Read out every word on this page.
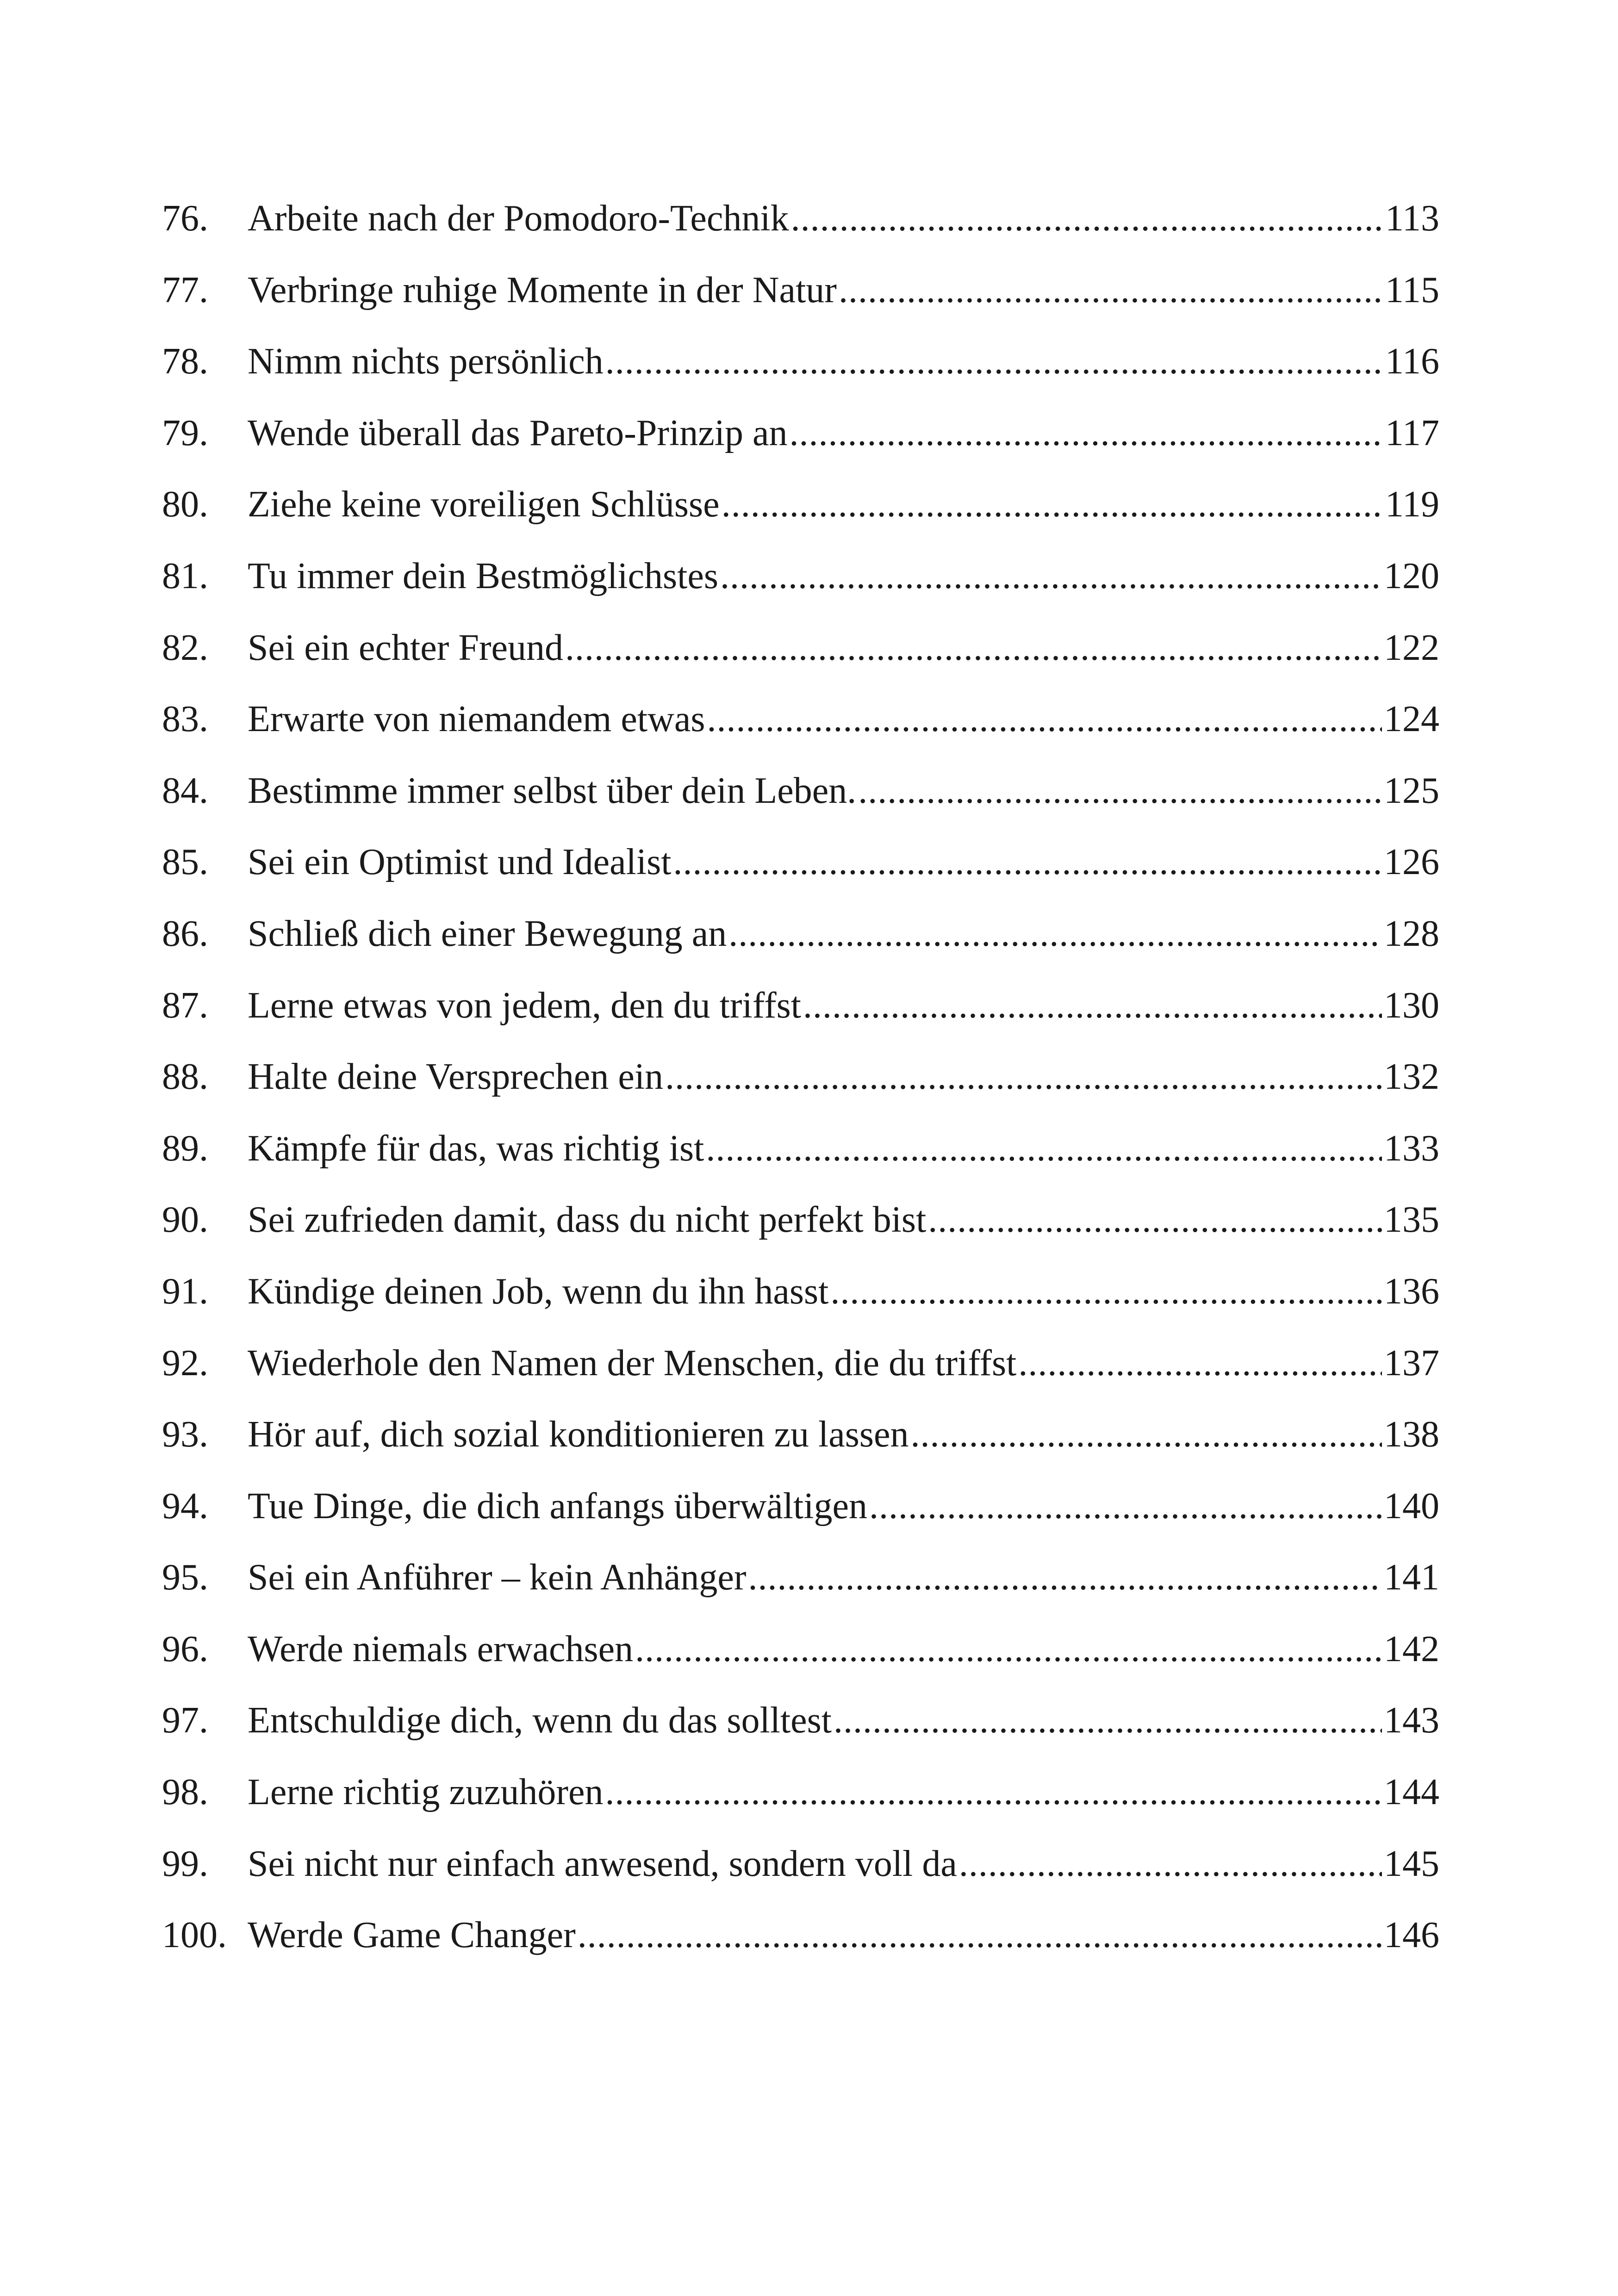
76.	Arbeite nach der Pomodoro-Technik .....	113
77.	Verbringe ruhige Momente in der Natur .....	115
78.	Nimm nichts persönlich .....	116
79.	Wende überall das Pareto-Prinzip an .....	117
80.	Ziehe keine voreiligen Schlüsse .....	119
81.	Tu immer dein Bestmöglichstes .....	120
82.	Sei ein echter Freund .....	122
83.	Erwarte von niemandem etwas .....	124
84.	Bestimme immer selbst über dein Leben. .....	125
85.	Sei ein Optimist und Idealist .....	126
86.	Schließ dich einer Bewegung an .....	128
87.	Lerne etwas von jedem, den du triffst .....	130
88.	Halte deine Versprechen ein .....	132
89.	Kämpfe für das, was richtig ist .....	133
90.	Sei zufrieden damit, dass du nicht perfekt bist .....	135
91.	Kündige deinen Job, wenn du ihn hasst .....	136
92.	Wiederhole den Namen der Menschen, die du triffst .....	137
93.	Hör auf, dich sozial konditionieren zu lassen .....	138
94.	Tue Dinge, die dich anfangs überwältigen .....	140
95.	Sei ein Anführer – kein Anhänger .....	141
96.	Werde niemals erwachsen .....	142
97.	Entschuldige dich, wenn du das solltest .....	143
98.	Lerne richtig zuzuhören .....	144
99.	Sei nicht nur einfach anwesend, sondern voll da .....	145
100. Werde Game Changer .....	146
